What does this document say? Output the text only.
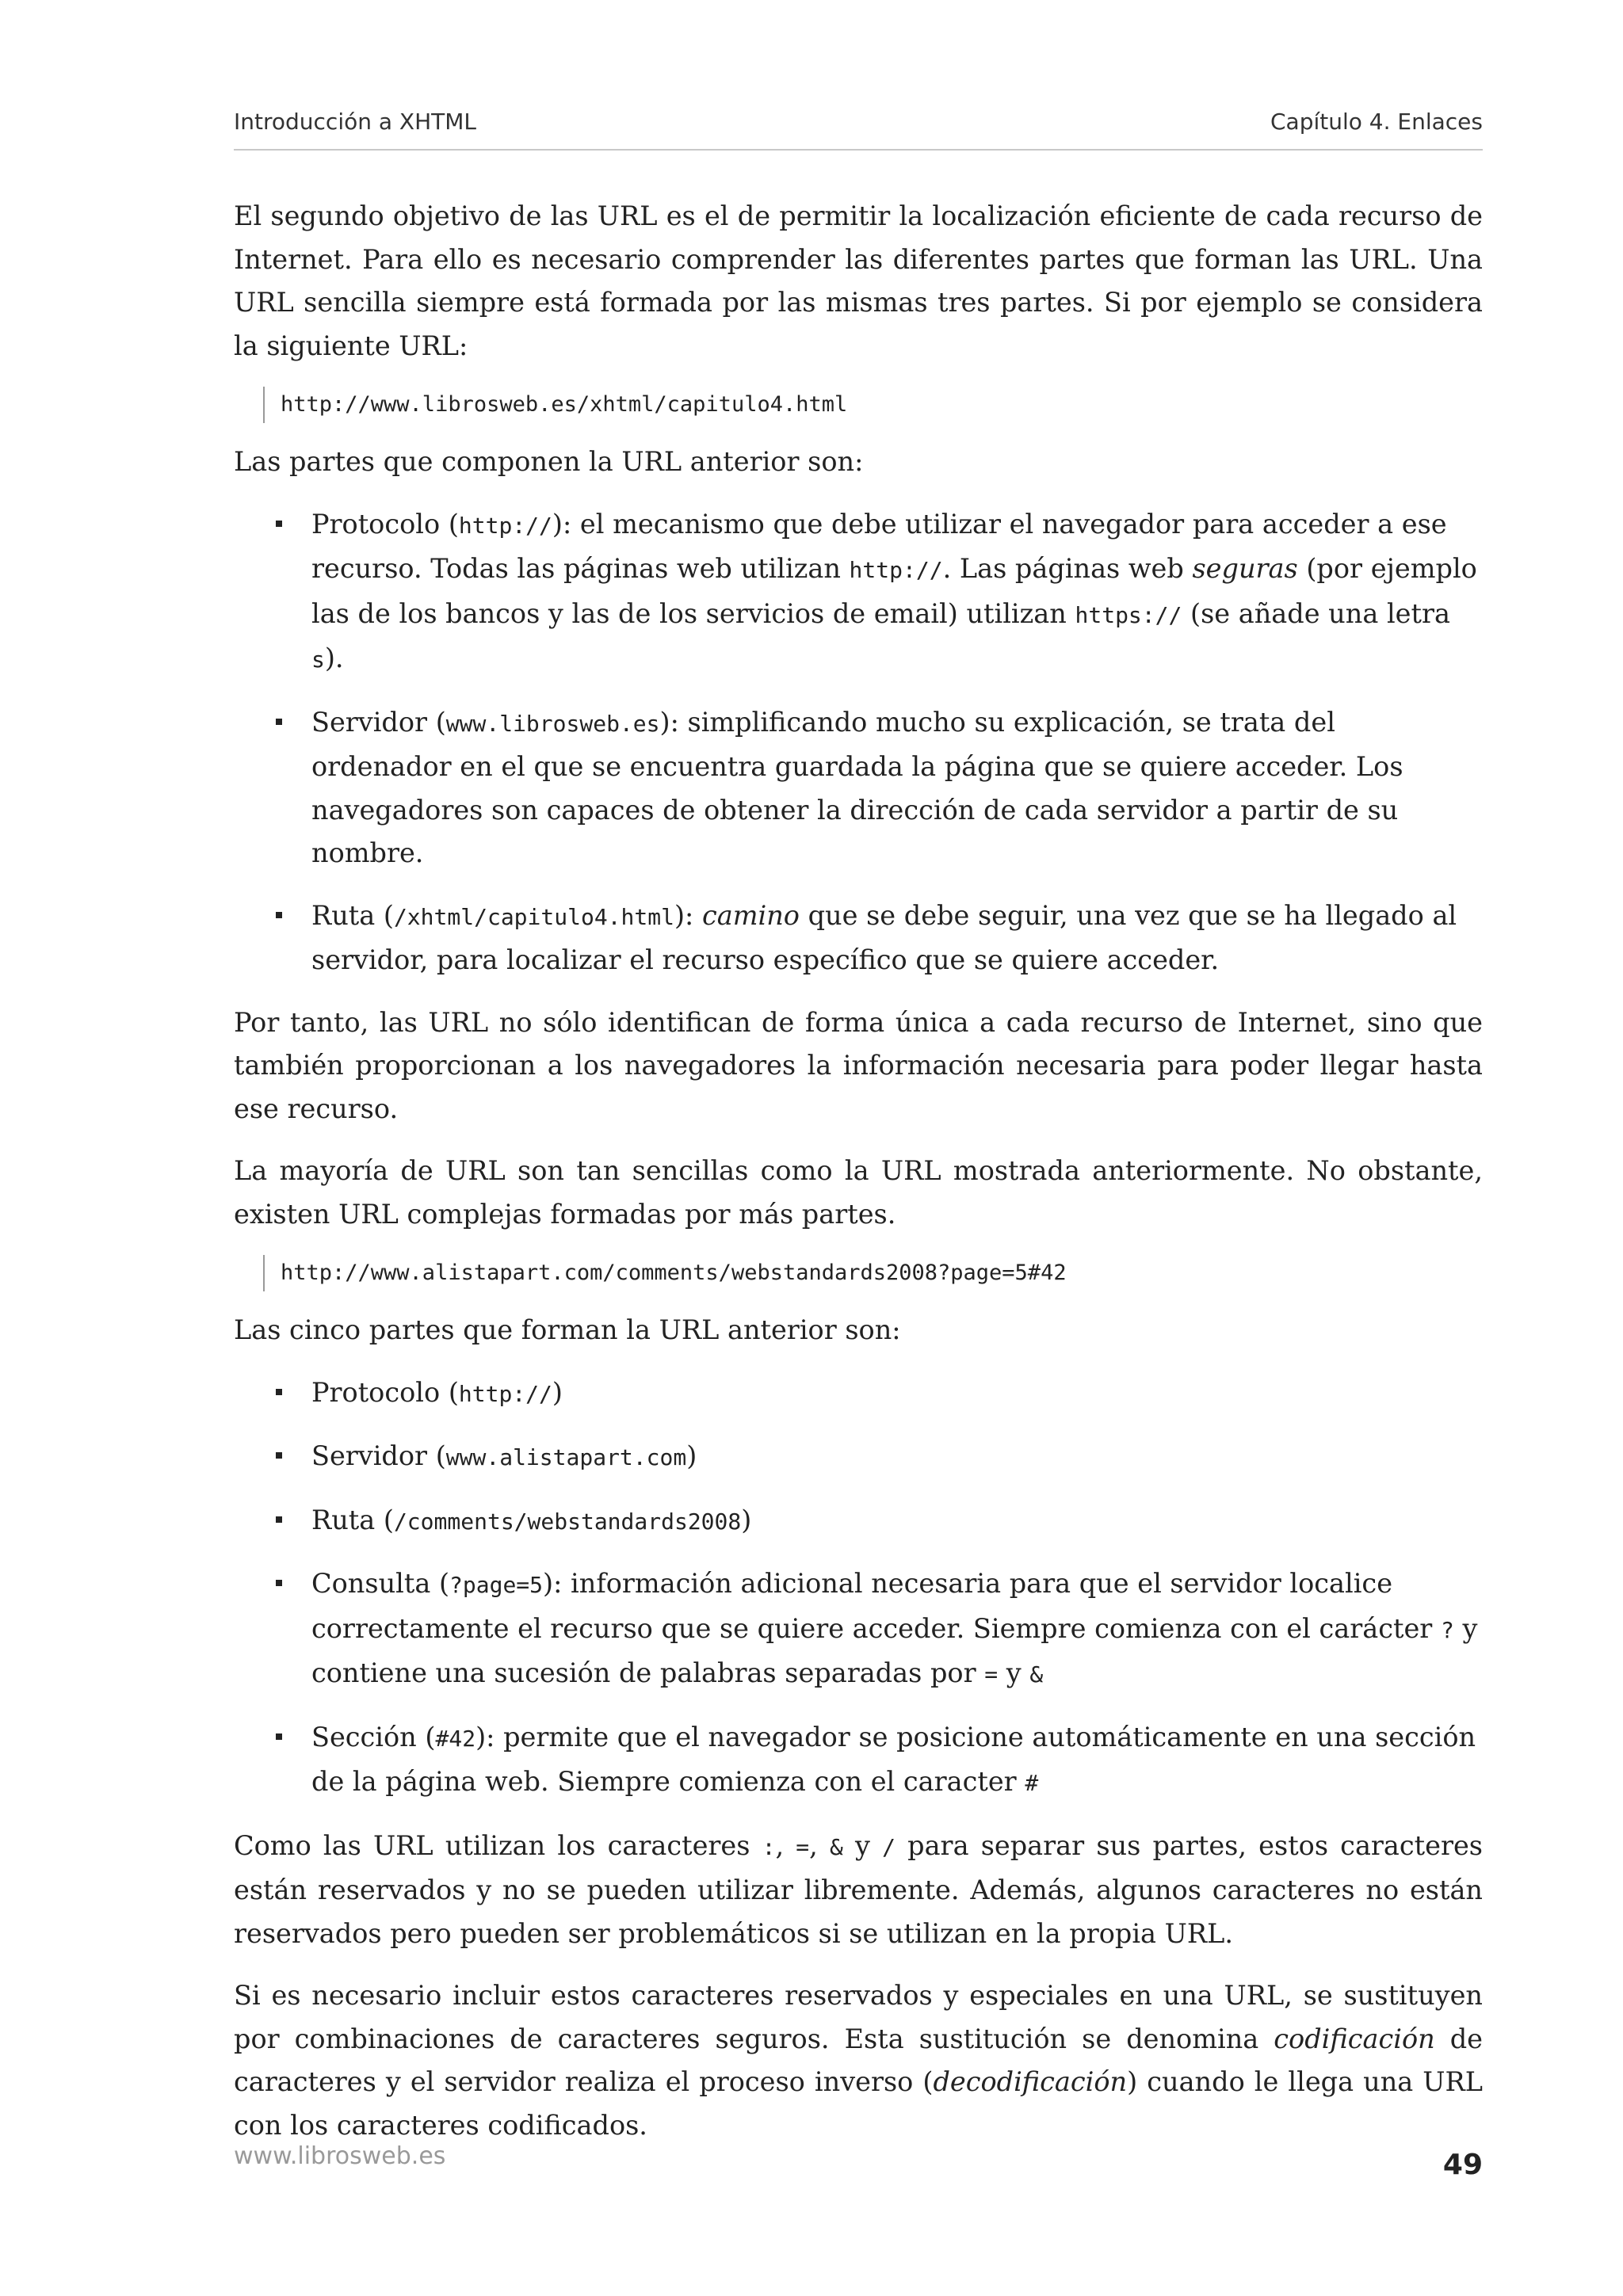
Introducción a XHTML	Capítulo 4. Enlaces

El segundo objetivo de las URL es el de permitir la localización eficiente de cada recurso de Internet. Para ello es necesario comprender las diferentes partes que forman las URL. Una URL sencilla siempre está formada por las mismas tres partes. Si por ejemplo se considera la siguiente URL:

http://www.librosweb.es/xhtml/capitulo4.html

Las partes que componen la URL anterior son:

Protocolo (http://): el mecanismo que debe utilizar el navegador para acceder a ese recurso. Todas las páginas web utilizan http://. Las páginas web seguras (por ejemplo las de los bancos y las de los servicios de email) utilizan https:// (se añade una letra s).
Servidor (www.librosweb.es): simplificando mucho su explicación, se trata del ordenador en el que se encuentra guardada la página que se quiere acceder. Los navegadores son capaces de obtener la dirección de cada servidor a partir de su nombre.
Ruta (/xhtml/capitulo4.html): camino que se debe seguir, una vez que se ha llegado al servidor, para localizar el recurso específico que se quiere acceder.

Por tanto, las URL no sólo identifican de forma única a cada recurso de Internet, sino que también proporcionan a los navegadores la información necesaria para poder llegar hasta ese recurso.

La mayoría de URL son tan sencillas como la URL mostrada anteriormente. No obstante, existen URL complejas formadas por más partes.

http://www.alistapart.com/comments/webstandards2008?page=5#42

Las cinco partes que forman la URL anterior son:

Protocolo (http://)
Servidor (www.alistapart.com)
Ruta (/comments/webstandards2008)
Consulta (?page=5): información adicional necesaria para que el servidor localice correctamente el recurso que se quiere acceder. Siempre comienza con el carácter ? y contiene una sucesión de palabras separadas por = y &
Sección (#42): permite que el navegador se posicione automáticamente en una sección de la página web. Siempre comienza con el caracter #

Como las URL utilizan los caracteres :, =, & y / para separar sus partes, estos caracteres están reservados y no se pueden utilizar libremente. Además, algunos caracteres no están reservados pero pueden ser problemáticos si se utilizan en la propia URL.

Si es necesario incluir estos caracteres reservados y especiales en una URL, se sustituyen por combinaciones de caracteres seguros. Esta sustitución se denomina codificación de caracteres y el servidor realiza el proceso inverso (decodificación) cuando le llega una URL con los caracteres codificados.

www.librosweb.es	49
